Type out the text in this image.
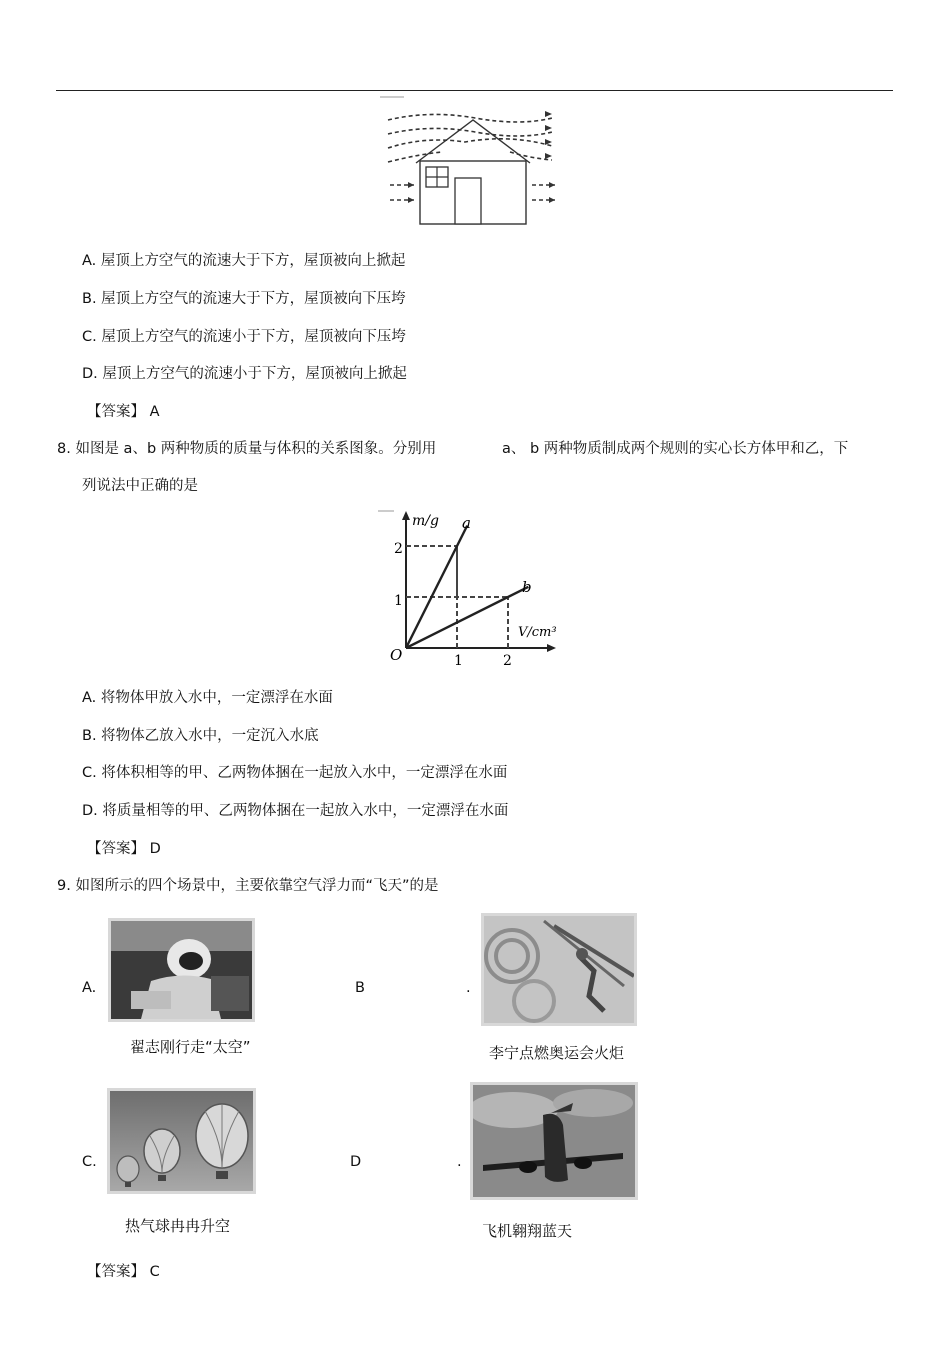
A. 屋顶上方空气的流速大于下方，屋顶被向上掀起
B. 屋顶上方空气的流速大于下方，屋顶被向下压垮
C. 屋顶上方空气的流速小于下方，屋顶被向下压垮
D. 屋顶上方空气的流速小于下方，屋顶被向上掀起
【答案】 A
8. 如图是 a、b 两种物质的质量与体积的关系图象。分别用	a、 b 两种物质制成两个规则的实心长方体甲和乙，下
列说法中正确的是
m/g
V/cm³
O
1
2
1	2
a
b
A. 将物体甲放入水中，一定漂浮在水面
B. 将物体乙放入水中，一定沉入水底
C. 将体积相等的甲、乙两物体捆在一起放入水中，一定漂浮在水面
D. 将质量相等的甲、乙两物体捆在一起放入水中，一定漂浮在水面
【答案】 D
9. 如图所示的四个场景中，主要依靠空气浮力而“飞天”的是
A.
翟志刚行走“太空”
B	.
李宁点燃奥运会火炬
C.
热气球冉冉升空
D	.
飞机翱翔蓝天
【答案】 C
